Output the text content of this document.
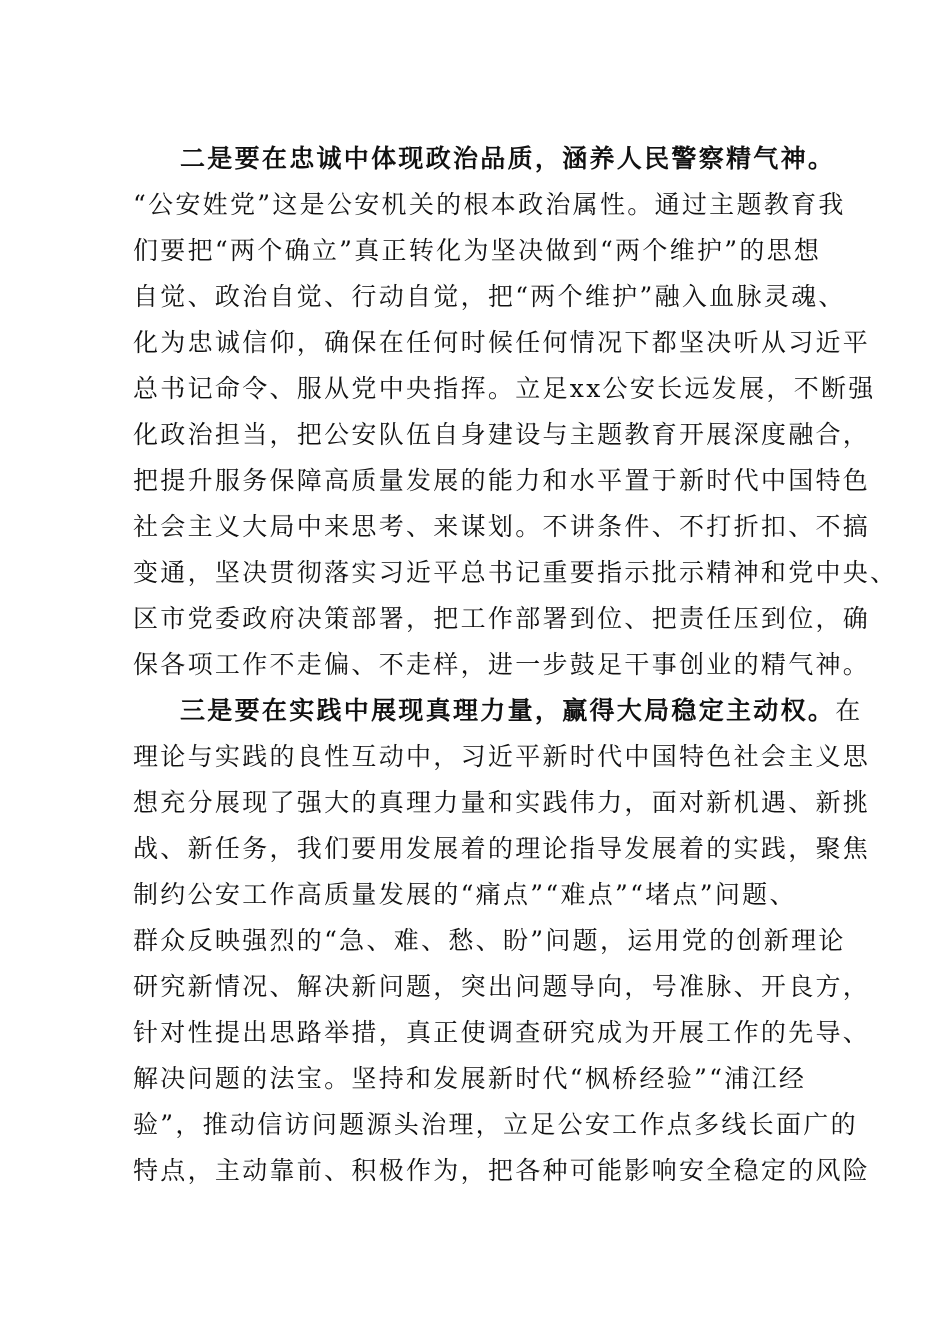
二是要在忠诚中体现政治品质，涵养人民警察精气神。
“公安姓党”这是公安机关的根本政治属性。通过主题教育我
们要把“两个确立”真正转化为坚决做到“两个维护”的思想
自觉、政治自觉、行动自觉，把“两个维护”融入血脉灵魂、
化为忠诚信仰，确保在任何时候任何情况下都坚决听从习近平
总书记命令、服从党中央指挥。立足xx公安长远发展，不断强
化政治担当，把公安队伍自身建设与主题教育开展深度融合，
把提升服务保障高质量发展的能力和水平置于新时代中国特色
社会主义大局中来思考、来谋划。不讲条件、不打折扣、不搞
变通，坚决贯彻落实习近平总书记重要指示批示精神和党中央、
区市党委政府决策部署，把工作部署到位、把责任压到位，确
保各项工作不走偏、不走样，进一步鼓足干事创业的精气神。
三是要在实践中展现真理力量，赢得大局稳定主动权。在
理论与实践的良性互动中，习近平新时代中国特色社会主义思
想充分展现了强大的真理力量和实践伟力，面对新机遇、新挑
战、新任务，我们要用发展着的理论指导发展着的实践，聚焦
制约公安工作高质量发展的“痛点”“难点”“堵点”问题、
群众反映强烈的“急、难、愁、盼”问题，运用党的创新理论
研究新情况、解决新问题，突出问题导向，号准脉、开良方，
针对性提出思路举措，真正使调查研究成为开展工作的先导、
解决问题的法宝。坚持和发展新时代“枫桥经验”“浦江经
验”，推动信访问题源头治理，立足公安工作点多线长面广的
特点，主动靠前、积极作为，把各种可能影响安全稳定的风险
